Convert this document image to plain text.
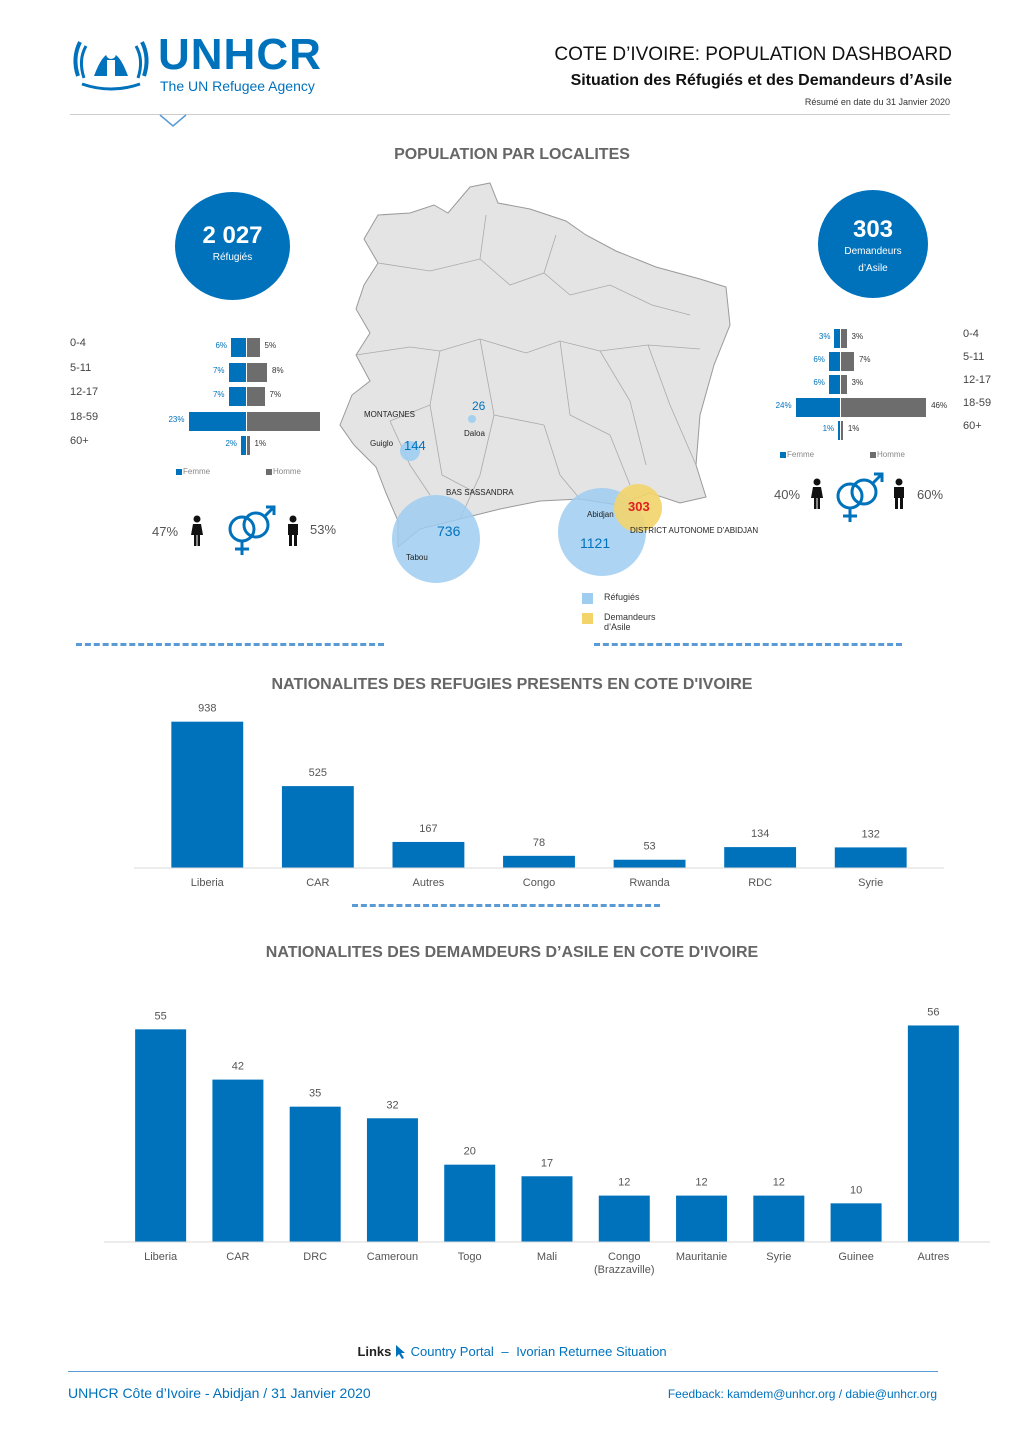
UNHCR
The UN Refugee Agency
COTE D’IVOIRE: POPULATION DASHBOARD
Situation des Réfugiés et des Demandeurs d’Asile
Résumé en date du 31 Janvier 2020
POPULATION PAR LOCALITES
2 027
Réfugiés
303
Demandeurs
d’Asile
MONTAGNES
Guiglo 144
26
Daloa
BAS SASSANDRA
736
Tabou
Abidjan
303
DISTRICT AUTONOME D’ABIDJAN
1121
Réfugiés
Demandeurs d’Asile
0-4	6%	5%
5-11	7%	8%
12-17	7%	7%
18-59	23%
60+	2% 1%
Femme	Homme
0-4
3%	3%
5-11
6%	7%
12-17
6%	3%
18-59
24%	46%
60+
1% 1%
Femme	Homme
47%	53%
40%	60%
NATIONALITES DES REFUGIES PRESENTS EN COTE D'IVOIRE
938
Liberia
525
CAR
167
Autres
78
Congo
53
Rwanda
134
RDC
132
Syrie
NATIONALITES DES DEMAMDEURS D’ASILE EN COTE D'IVOIRE
55
Liberia
42
CAR
35
DRC
32
Cameroun
20
Togo
17
Mali
12
Congo
(Brazzaville)
12
Mauritanie
12
Syrie
10
Guinee
56
Autres
Links Country Portal – Ivorian Returnee Situation
UNHCR Côte d’Ivoire - Abidjan / 31 Janvier 2020	Feedback: kamdem@unhcr.org / dabie@unhcr.org
